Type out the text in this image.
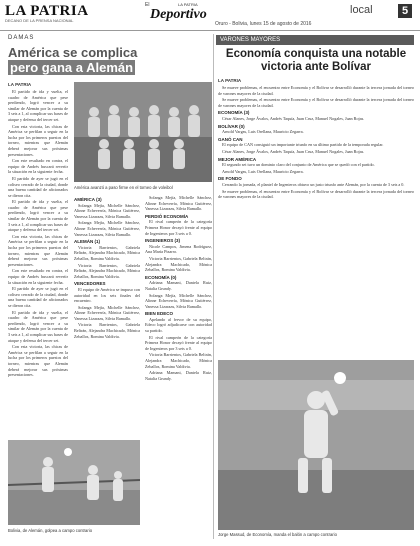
LA PATRIA
DECANO DE LA PRENSA NACIONAL
El	LA PATRIA
Deportivo	local	5
Oruro - Bolivia, lunes 15 de agosto de 2016
DAMAS
América se complica
pero gana a Alemán
LA PATRIA

El partido de ida y vuelta, el cuadro de América que pese perdiendo, logró vencer a su similar de Alemán por la cuenta de 3 sets a 1, al complicar sus bases de ataque y defensa del tercer set.

Con esta victoria, las chicas de América se perfilan a seguir en la lucha por los primeros puestos del torneo, mientras que Alemán deberá mejorar sus próximas presentaciones.

Con este resultado en contra, el equipo de Andrés buscará revertir la situación en la siguiente fecha.

El partido de ayer se jugó en el coliseo cerrado de la ciudad, donde una buena cantidad de aficionados se dieron cita.

El partido de ida y vuelta, el cuadro de América que pese perdiendo, logró vencer a su similar de Alemán por la cuenta de 3 sets a 1, al complicar sus bases de ataque y defensa del tercer set.

Con esta victoria, las chicas de América se perfilan a seguir en la lucha por los primeros puestos del torneo, mientras que Alemán deberá mejorar sus próximas presentaciones.

Con este resultado en contra, el equipo de Andrés buscará revertir la situación en la siguiente fecha.

El partido de ayer se jugó en el coliseo cerrado de la ciudad, donde una buena cantidad de aficionados se dieron cita.

El partido de ida y vuelta, el cuadro de América que pese perdiendo, logró vencer a su similar de Alemán por la cuenta de 3 sets a 1, al complicar sus bases de ataque y defensa del tercer set.

Con esta victoria, las chicas de América se perfilan a seguir en la lucha por los primeros puestos del torneo, mientras que Alemán deberá mejorar sus próximas presentaciones.

América avanzó a paso firme en el torneo de voleibol
AMÉRICA (3)

Solanga Mejía, Michelle Sánchez, Alinne Echeverría, Mónica Gutiérrez, Vanessa Lizarazu, Silvia Ramallo.

Solanga Mejía, Michelle Sánchez, Alinne Echeverría, Mónica Gutiérrez, Vanessa Lizarazu, Silvia Ramallo.

ALEMÁN (1)

Victoria Barrientos, Gabriela Beltrán, Alejandra Machicado, Mónica Zeballos, Romina Valdivia.

Victoria Barrientos, Gabriela Beltrán, Alejandra Machicado, Mónica Zeballos, Romina Valdivia.

VENCEDORES

El equipo de América se impuso con autoridad en los sets finales del encuentro.

Solanga Mejía, Michelle Sánchez, Alinne Echeverría, Mónica Gutiérrez, Vanessa Lizarazu, Silvia Ramallo.

Victoria Barrientos, Gabriela Beltrán, Alejandra Machicado, Mónica Zeballos, Romina Valdivia.

Solanga Mejía, Michelle Sánchez, Alinne Echeverría, Mónica Gutiérrez, Vanessa Lizarazu, Silvia Ramallo.

PERDIÓ ECONOMÍA

El rival campeón de la categoría Primera Honor decayó frente al equipo de Ingenieros por 3 sets a 0.

INGENIEROS (3)

Nicole Campos, Jimena Rodríguez, Ana María Pizarro.

Victoria Barrientos, Gabriela Beltrán, Alejandra Machicado, Mónica Zeballos, Romina Valdivia.

ECONOMÍA (0)

Adriana Mamani, Daniela Ruiz, Natalia Grundy.

Solanga Mejía, Michelle Sánchez, Alinne Echeverría, Mónica Gutiérrez, Vanessa Lizarazu, Silvia Ramallo.

BIEN EDECO

Apelando al fervor de su equipo, Edeco logró adjudicarse con autoridad su partido.

El rival campeón de la categoría Primera Honor decayó frente al equipo de Ingenieros por 3 sets a 0.

Victoria Barrientos, Gabriela Beltrán, Alejandra Machicado, Mónica Zeballos, Romina Valdivia.

Adriana Mamani, Daniela Ruiz, Natalia Grundy.

Bolivia, de Alemán, golpea a campo contrario
VARONES MAYORES
Economía conquista una notable victoria ante Bolívar
LA PATRIA

Se mueve problemas, el encuentro entre Economía y el Bolívar se desarrolló durante la tercera jornada del torneo de varones mayores de la ciudad.

Se mueve problemas, el encuentro entre Economía y el Bolívar se desarrolló durante la tercera jornada del torneo de varones mayores de la ciudad.

ECONOMÍA (3)

César Alanes, Jorge Ávalos, Andrés Taquía, Juan Cruz, Manuel Nogales, Juan Rojas.

BOLÍVAR (0)

Arnold Vargas, Luis Orellana, Mauricio Zegarra.

GANÓ CAN

El equipo de CAN consiguió un importante triunfo en su último partido de la temporada regular.

César Alanes, Jorge Ávalos, Andrés Taquía, Juan Cruz, Manuel Nogales, Juan Rojas.

MEJOR AMÉRICA

El segundo set tuvo un dominio claro del conjunto de América que se quedó con el partido.

Arnold Vargas, Luis Orellana, Mauricio Zegarra.

DE FONDO

Cerrando la jornada, el plantel de Ingenieros obtuvo un justo triunfo ante Alemán, por la cuenta de 3 sets a 0.

Se mueve problemas, el encuentro entre Economía y el Bolívar se desarrolló durante la tercera jornada del torneo de varones mayores de la ciudad.

Jorge Massud, de Economía, manda el balón a campo contrario
